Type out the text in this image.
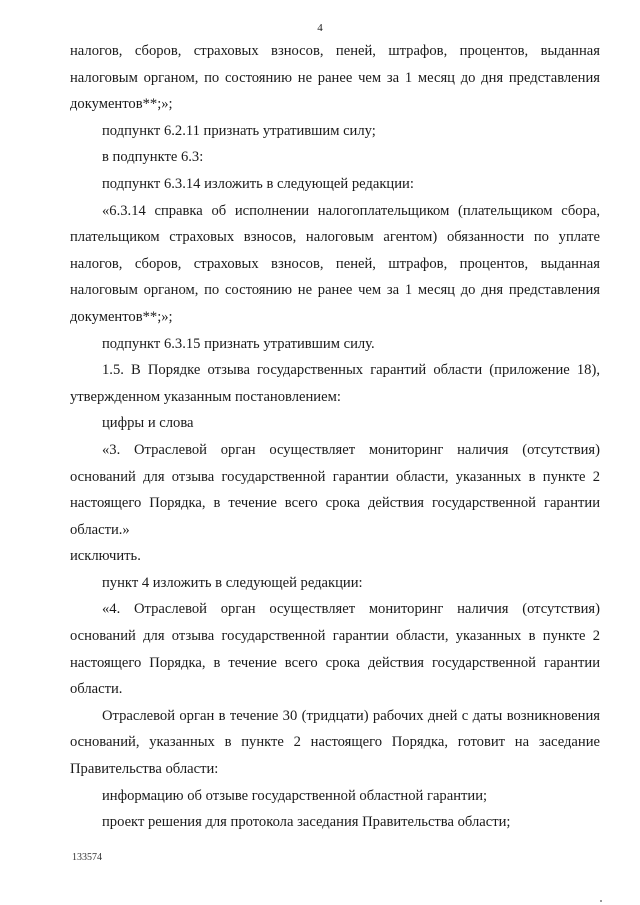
4

налогов, сборов, страховых взносов, пеней, штрафов, процентов, выданная налоговым органом, по состоянию не ранее чем за 1 месяц до дня представления документов**;»;

подпункт 6.2.11 признать утратившим силу;

в подпункте 6.3:

подпункт 6.3.14 изложить в следующей редакции:

«6.3.14 справка об исполнении налогоплательщиком (плательщиком сбора, плательщиком страховых взносов, налоговым агентом) обязанности по уплате налогов, сборов, страховых взносов, пеней, штрафов, процентов, выданная налоговым органом, по состоянию не ранее чем за 1 месяц до дня представления документов**;»;

подпункт 6.3.15 признать утратившим силу.

1.5. В Порядке отзыва государственных гарантий области (приложение 18), утвержденном указанным постановлением:

цифры и слова

«3. Отраслевой орган осуществляет мониторинг наличия (отсутствия) оснований для отзыва государственной гарантии области, указанных в пункте 2 настоящего Порядка, в течение всего срока действия государственной гарантии области.»

исключить.

пункт 4 изложить в следующей редакции:

«4. Отраслевой орган осуществляет мониторинг наличия (отсутствия) оснований для отзыва государственной гарантии области, указанных в пункте 2 настоящего Порядка, в течение всего срока действия государственной гарантии области.

Отраслевой орган в течение 30 (тридцати) рабочих дней с даты возникновения оснований, указанных в пункте 2 настоящего Порядка, готовит на заседание Правительства области:

информацию об отзыве государственной областной гарантии;

проект решения для протокола заседания Правительства области;

133574
